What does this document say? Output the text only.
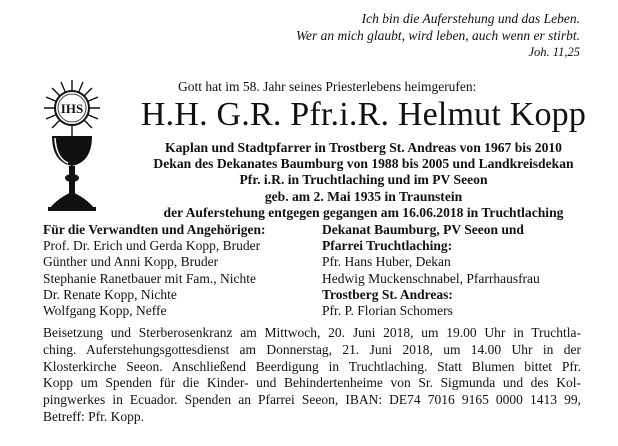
Ich bin die Auferstehung und das Leben.
Wer an mich glaubt, wird leben, auch wenn er stirbt.
Joh. 11,25
Gott hat im 58. Jahr seines Priesterlebens heimgerufen:
IHS	H.H. G.R. Pfr.i.R. Helmut Kopp
Kaplan und Stadtpfarrer in Trostberg St. Andreas von 1967 bis 2010
Dekan des Dekanates Baumburg von 1988 bis 2005 und Landkreisdekan
Pfr. i.R. in Truchtlaching und im PV Seeon
geb. am 2. Mai 1935 in Traunstein
der Auferstehung entgegen gegangen am 16.06.2018 in Truchtlaching
Für die Verwandten und Angehörigen:
Prof. Dr. Erich und Gerda Kopp, Bruder
Günther und Anni Kopp, Bruder
Stephanie Ranetbauer mit Fam., Nichte
Dr. Renate Kopp, Nichte
Wolfgang Kopp, Neffe
Dekanat Baumburg, PV Seeon und
Pfarrei Truchtlaching:
Pfr. Hans Huber, Dekan
Hedwig Muckenschnabel, Pfarrhausfrau
Trostberg St. Andreas:
Pfr. P. Florian Schomers
Beisetzung und Sterberosenkranz am Mittwoch, 20. Juni 2018, um 19.00 Uhr in Truchtla-
ching. Auferstehungsgottesdienst am Donnerstag, 21. Juni 2018, um 14.00 Uhr in der
Klosterkirche Seeon. Anschließend Beerdigung in Truchtlaching. Statt Blumen bittet Pfr.
Kopp um Spenden für die Kinder- und Behindertenheime von Sr. Sigmunda und des Kol-
pingwerkes in Ecuador. Spenden an Pfarrei Seeon, IBAN: DE74 7016 9165 0000 1413 99,
Betreff: Pfr. Kopp.
